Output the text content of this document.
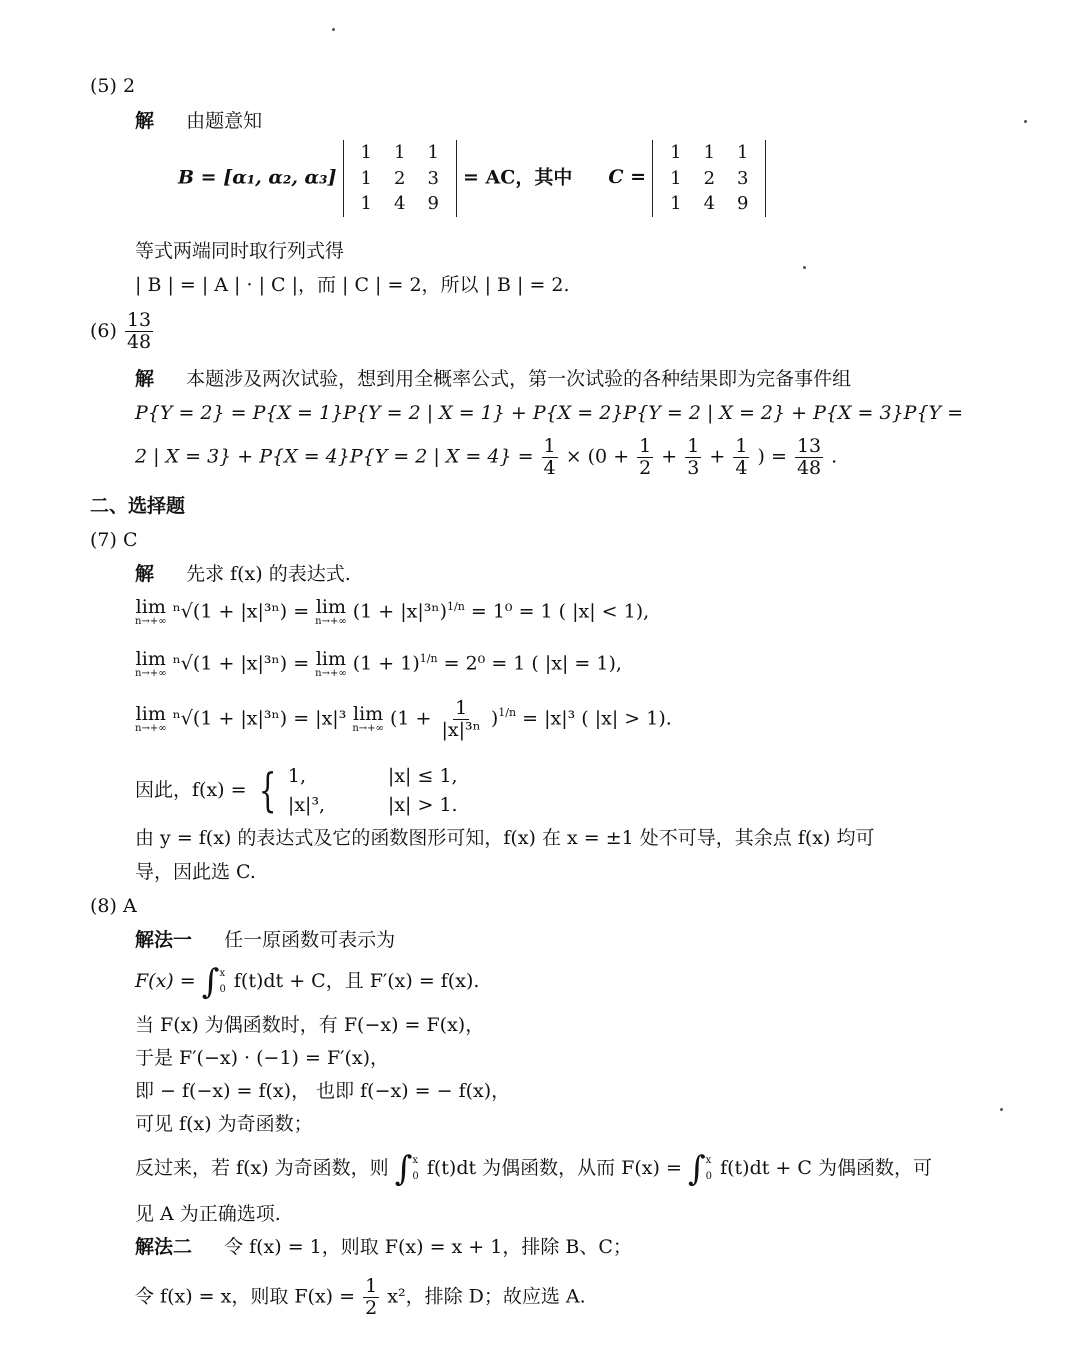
(5) 2
解 由题意知
B = [α₁, α₂, α₃]
1	1	1
1	2	3
1	4	9
= AC，其中 C =
1	1	1
1	2	3
1	4	9
等式两端同时取行列式得
| B | = | A | · | C |，而 | C | = 2，所以 | B | = 2.
$(6) \frac{13}{48}$
解 本题涉及两次试验，想到用全概率公式，第一次试验的各种结果即为完备事件组
P{Y = 2} = P{X = 1}P{Y = 2 | X = 1} + P{X = 2}P{Y = 2 | X = 2} + P{X = 3}P{Y =
2 | X = 3} + P{X = 4}P{Y = 2 | $X = 4\} = \frac{1}{4} \times (0 + \frac{1}{2} + \frac{1}{3} + \frac{1}{4}$ ) = $\frac{13}{48}$ .
二、选择题
(7) C
解 先求 f(x) 的表达式.
lim
n→+∞ ⁿ√(1 + |x|³ⁿ) = lim
n→+∞ (1 + |x|³ⁿ)1/n = 1⁰ = 1 ( |x| < 1),
lim
n→+∞ ⁿ√(1 + |x|³ⁿ) = lim
n→+∞ (1 + 1)1/n = 2⁰ = 1 ( |x| = 1),
lim
n→+∞ ⁿ√(1 + |x|³ⁿ) = |x|³ lim
n→+∞ $(1 + \frac{1}{\text{|x|³ⁿ}} )1/n = |x|^3$ ( |x| > 1).
因此，f(x) = { 1,	|x| ≤ 1,
|x|³,	|x| > 1.
由 y = f(x) 的表达式及它的函数图形可知，f(x) 在 x = ±1 处不可导，其余点 f(x) 均可
导，因此选 C.
(8) A
解法一 任一原函数可表示为
F(x) = ∫ x
0 f(t)dt + C，且 F′(x) = f(x).
当 F(x) 为偶函数时，有 F(−x) = F(x)，
于是 F′(−x) · (−1) = F′(x)，
即 − f(−x) = f(x)， 也即 f(−x) = − f(x)，
可见 f(x) 为奇函数；
反过来，若 f(x) 为奇函数，则 ∫ x
0 f(t)dt 为偶函数，从而 F(x) = ∫ x
0 f(t)dt + C 为偶函数，可
见 A 为正确选项.
解法二 令 f(x) = 1，则取 F(x) = x + 1，排除 B、C；
令 f(x) = x，则取 $F(x) = \frac{1}{2} x^2$，排除 D；故应选 A.
